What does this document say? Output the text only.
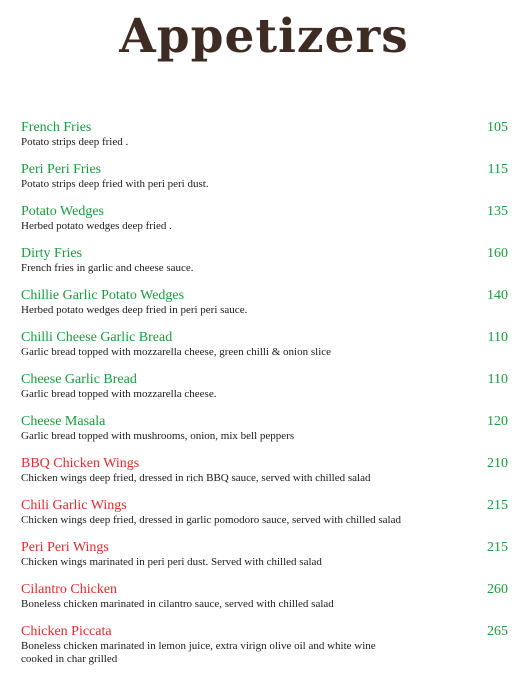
Appetizers
French Fries
Potato strips deep fried .
105
Peri Peri Fries
Potato strips deep fried with peri peri dust.
115
Potato Wedges
Herbed potato wedges deep fried .
135
Dirty Fries
French fries in garlic and cheese sauce.
160
Chillie Garlic Potato Wedges
Herbed potato wedges deep fried in peri peri sauce.
140
Chilli Cheese Garlic Bread
Garlic bread topped with mozzarella cheese, green chilli & onion slice
110
Cheese Garlic Bread
Garlic bread topped with mozzarella cheese.
110
Cheese Masala
Garlic bread topped with mushrooms, onion, mix bell peppers
120
BBQ Chicken Wings
Chicken wings deep fried, dressed in rich BBQ sauce, served with chilled salad
210
Chili Garlic Wings
Chicken wings deep fried, dressed in garlic pomodoro sauce, served with chilled salad
215
Peri Peri Wings
Chicken wings marinated in peri peri dust. Served with chilled salad
215
Cilantro Chicken
Boneless chicken marinated in cilantro sauce, served with chilled salad
260
Chicken Piccata
Boneless chicken marinated in lemon juice, extra virign olive oil and white wine
cooked in char grilled
265
